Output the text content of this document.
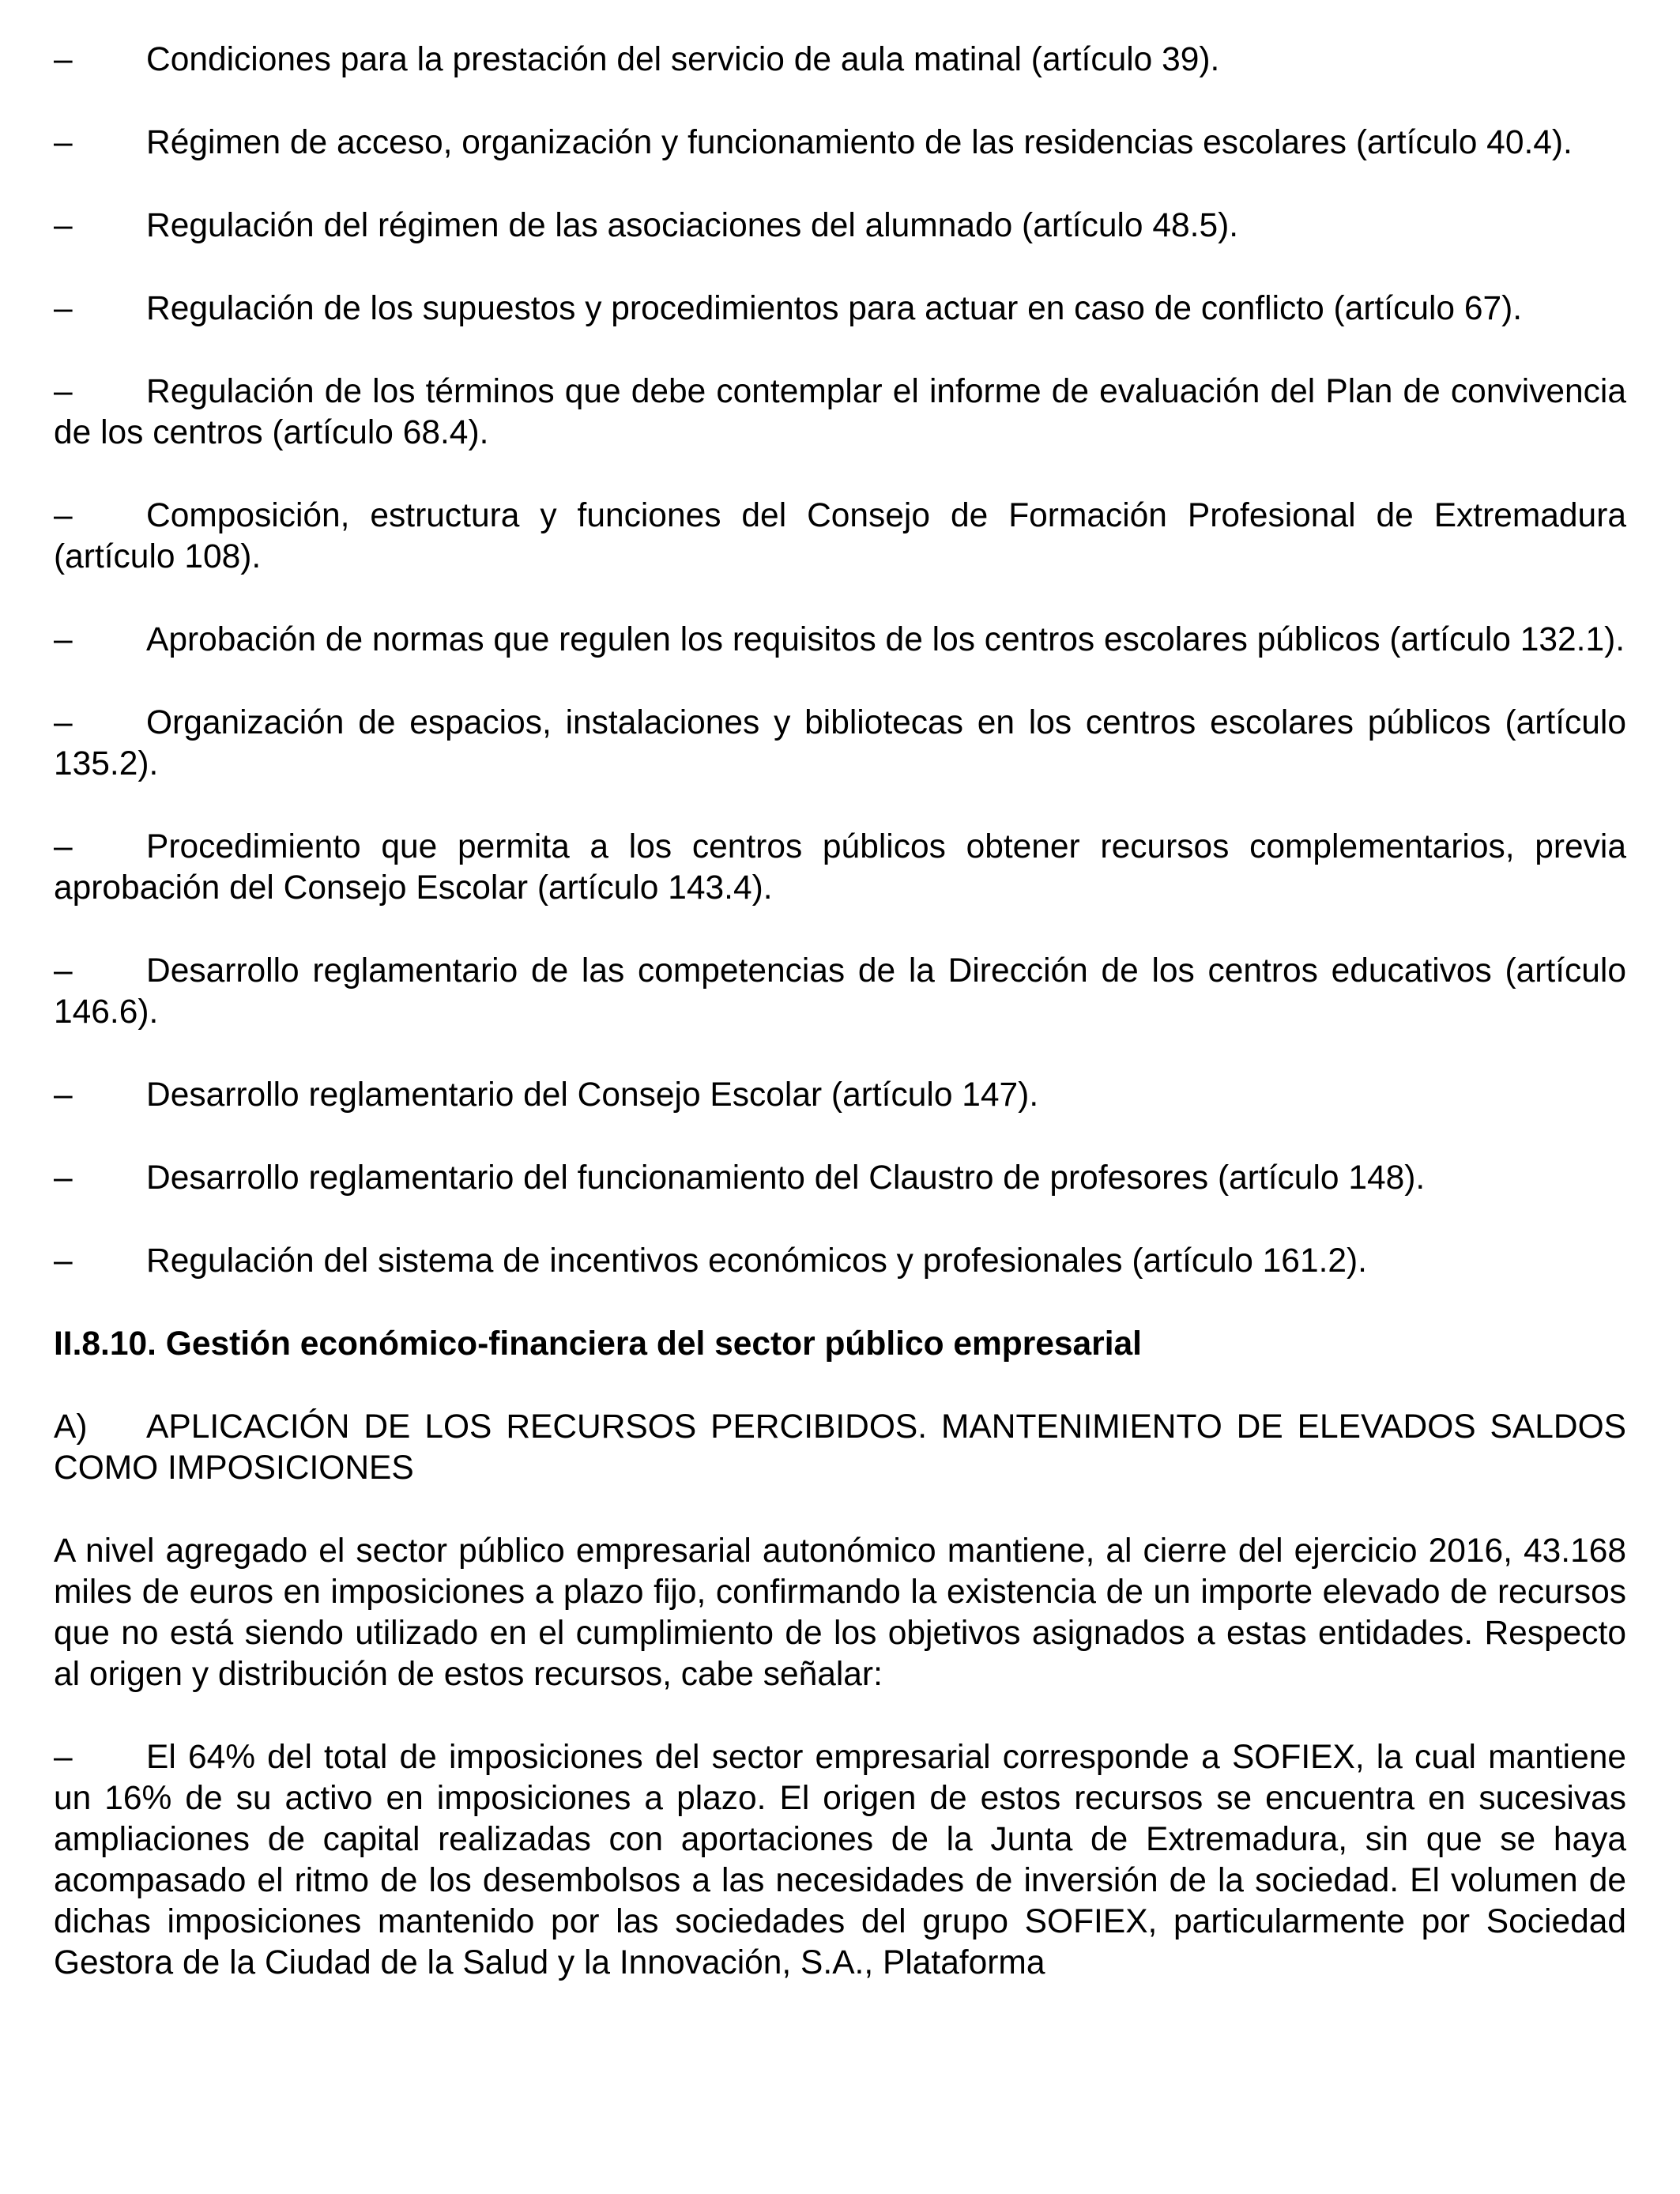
– Condiciones para la prestación del servicio de aula matinal (artículo 39).

– Régimen de acceso, organización y funcionamiento de las residencias escolares (artículo 40.4).

– Regulación del régimen de las asociaciones del alumnado (artículo 48.5).

– Regulación de los supuestos y procedimientos para actuar en caso de conflicto (artículo 67).

– Regulación de los términos que debe contemplar el informe de evaluación del Plan de convivencia de los centros (artículo 68.4).

– Composición, estructura y funciones del Consejo de Formación Profesional de Extremadura (artículo 108).

– Aprobación de normas que regulen los requisitos de los centros escolares públicos (artículo 132.1).

– Organización de espacios, instalaciones y bibliotecas en los centros escolares públicos (artículo 135.2).

– Procedimiento que permita a los centros públicos obtener recursos complementarios, previa aprobación del Consejo Escolar (artículo 143.4).

– Desarrollo reglamentario de las competencias de la Dirección de los centros educativos (artículo 146.6).

– Desarrollo reglamentario del Consejo Escolar (artículo 147).

– Desarrollo reglamentario del funcionamiento del Claustro de profesores (artículo 148).

– Regulación del sistema de incentivos económicos y profesionales (artículo 161.2).

II.8.10. Gestión económico-financiera del sector público empresarial

A) APLICACIÓN DE LOS RECURSOS PERCIBIDOS. MANTENIMIENTO DE ELEVADOS SALDOS COMO IMPOSICIONES

A nivel agregado el sector público empresarial autonómico mantiene, al cierre del ejercicio 2016, 43.168 miles de euros en imposiciones a plazo fijo, confirmando la existencia de un importe elevado de recursos que no está siendo utilizado en el cumplimiento de los objetivos asignados a estas entidades. Respecto al origen y distribución de estos recursos, cabe señalar:

– El 64% del total de imposiciones del sector empresarial corresponde a SOFIEX, la cual mantiene un 16% de su activo en imposiciones a plazo. El origen de estos recursos se encuentra en sucesivas ampliaciones de capital realizadas con aportaciones de la Junta de Extremadura, sin que se haya acompasado el ritmo de los desembolsos a las necesidades de inversión de la sociedad. El volumen de dichas imposiciones mantenido por las sociedades del grupo SOFIEX, particularmente por Sociedad Gestora de la Ciudad de la Salud y la Innovación, S.A., Plataforma
